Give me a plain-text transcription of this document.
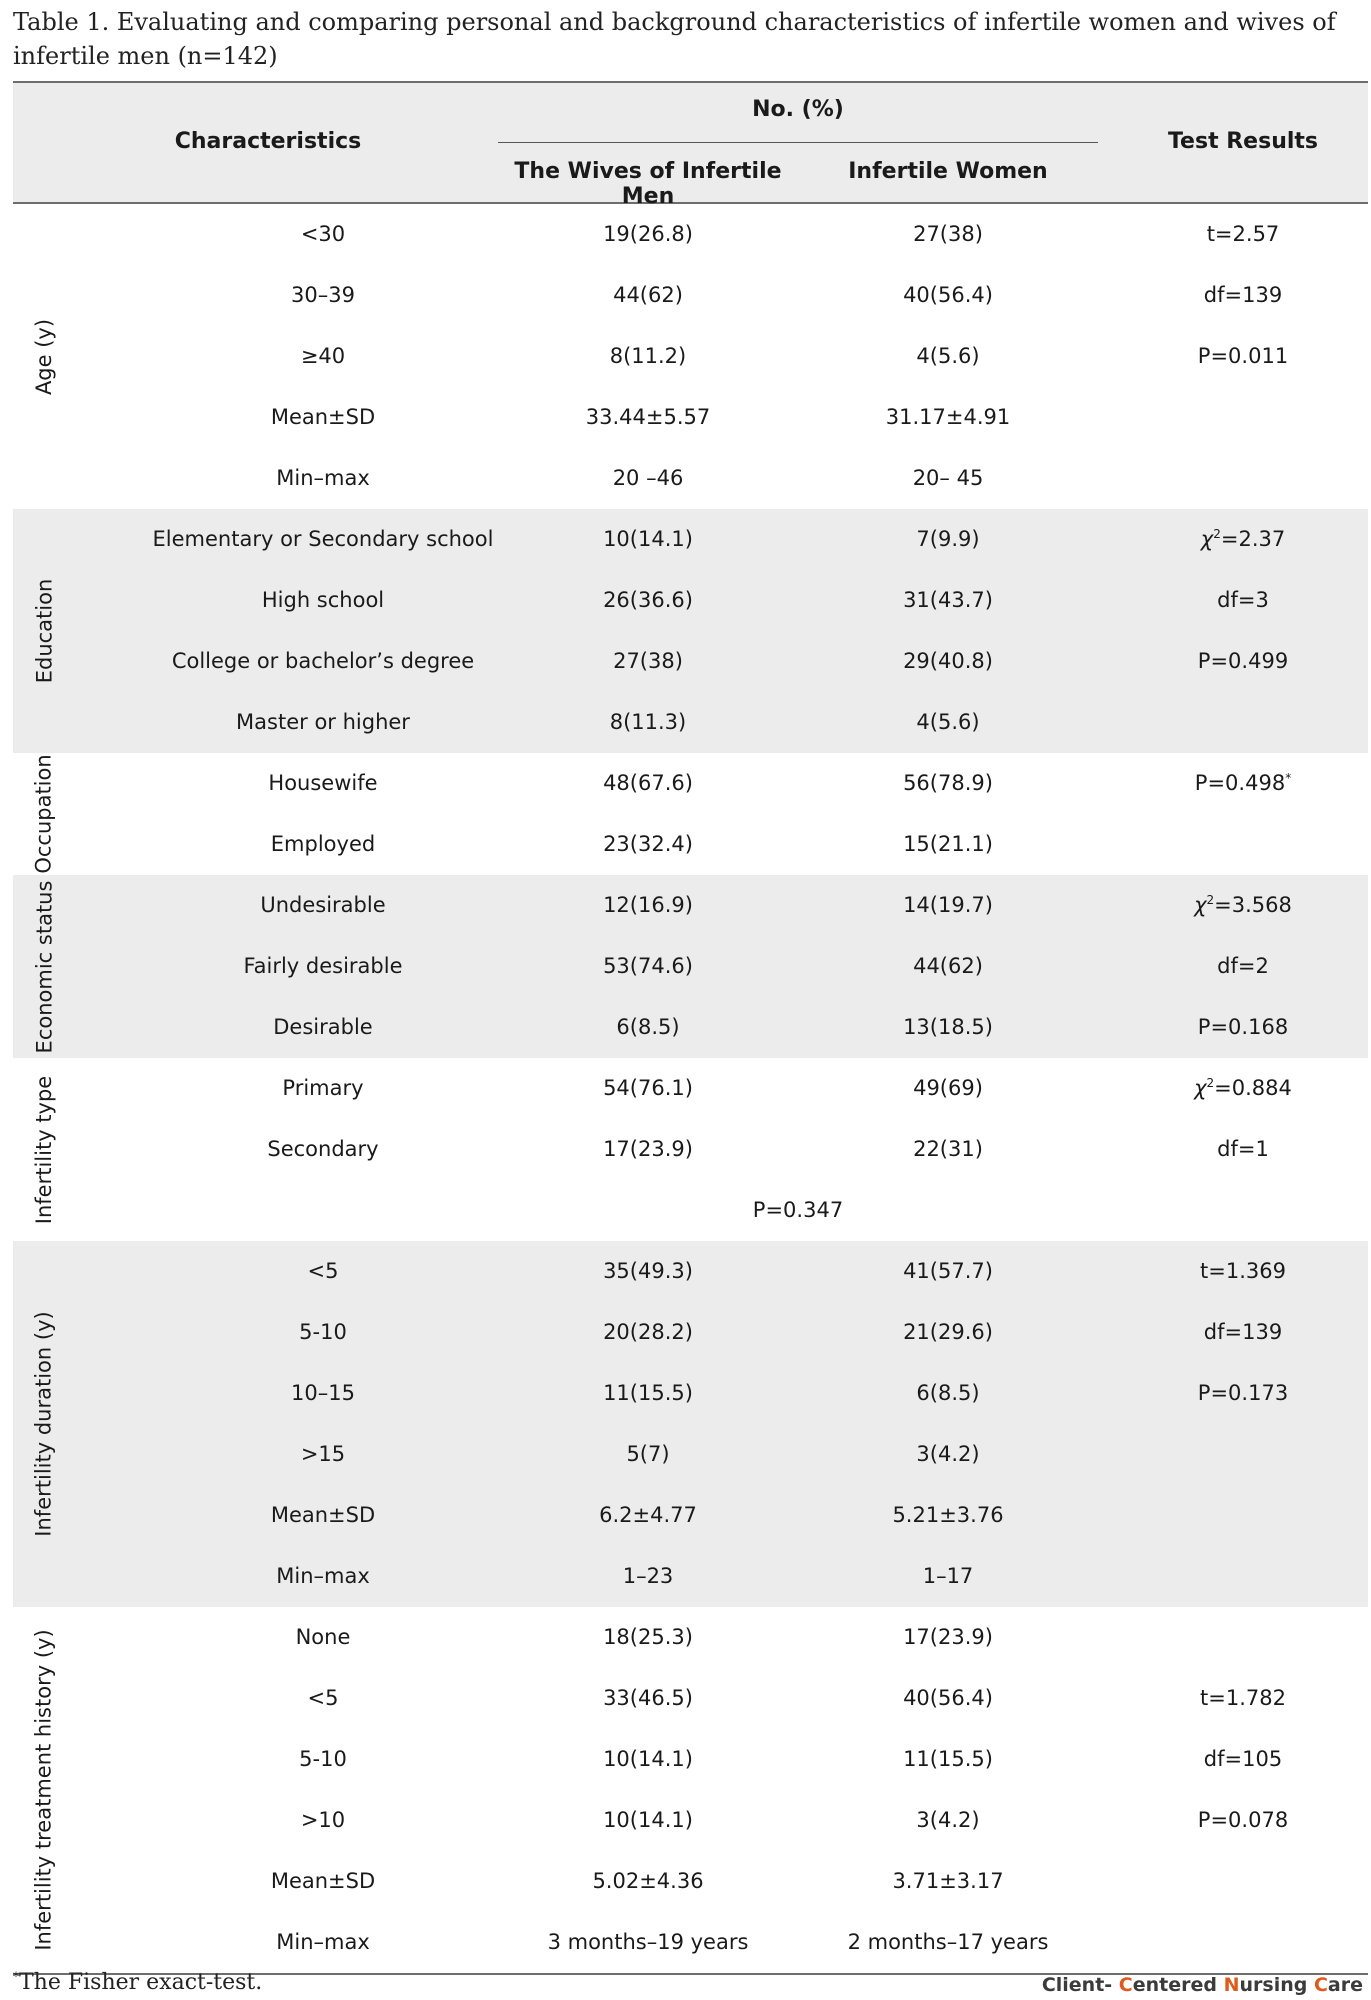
Table 1. Evaluating and comparing personal and background characteristics of infertile women and wives of infertile men (n=142)
Characteristics
No. (%)
The Wives of Infertile Men
Infertile Women
Test Results
Age (y)
<30	19(26.8)	27(38)	t=2.57
30–39	44(62)	40(56.4)	df=139
≥40	8(11.2)	4(5.6)	P=0.011
Mean±SD	33.44±5.57	31.17±4.91
Min–max	20 –46	20– 45
Education
Elementary or Secondary school	10(14.1)	7(9.9)	$\chi^2=2.37$
High school	26(36.6)	31(43.7)	df=3
College or bachelor’s degree	27(38)	29(40.8)	P=0.499
Master or higher	8(11.3)	4(5.6)
Occupation	Housewife	48(67.6)	56(78.9)	P=0.498*
Employed	23(32.4)	15(21.1)
Economic status	Undesirable	12(16.9)	14(19.7)	$\chi^2=3.568$
Fairly desirable	53(74.6)	44(62)	df=2
Desirable	6(8.5)	13(18.5)	P=0.168
Infertility type	Primary	54(76.1)	49(69)	$\chi^2=0.884$
Secondary	17(23.9)	22(31)	df=1
P=0.347
Infertility duration (y)
<5	35(49.3)	41(57.7)	t=1.369
5-10	20(28.2)	21(29.6)	df=139
10–15	11(15.5)	6(8.5)	P=0.173
>15	5(7)	3(4.2)
Mean±SD	6.2±4.77	5.21±3.76
Min–max	1–23	1–17
Infertility treatment history (y)	None	18(25.3)	17(23.9)
<5	33(46.5)	40(56.4)	t=1.782
5-10	10(14.1)	11(15.5)	df=105
>10	10(14.1)	3(4.2)	P=0.078
Mean±SD	5.02±4.36	3.71±3.17
Min–max	3 months–19 years	2 months–17 years
*The Fisher exact-test.	Client- Centered Nursing Care
